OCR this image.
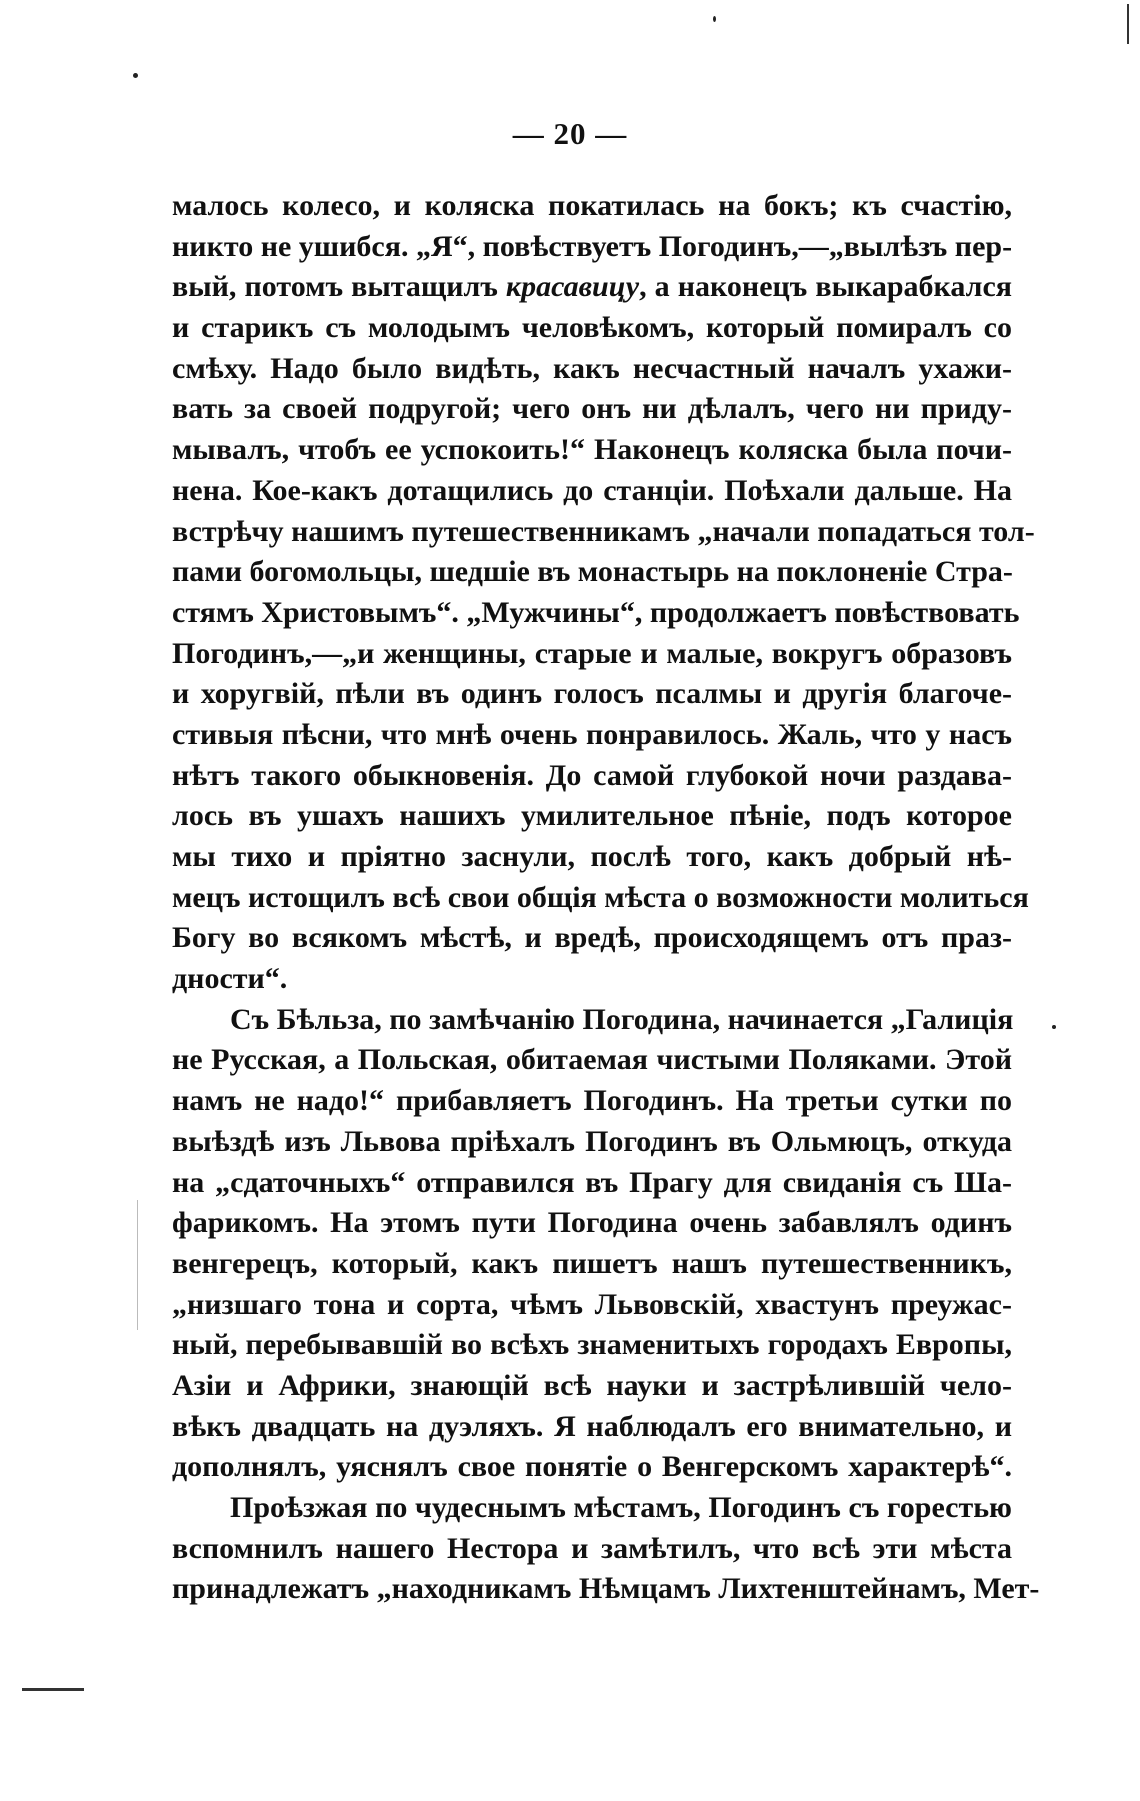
— 20 —
малось колесо, и коляска покатилась на бокъ; къ счастію,
никто не ушибся. „Я“, повѣствуетъ Погодинъ,—„вылѣзъ пер-
вый, потомъ вытащилъ красавицу, а наконецъ выкарабкался
и старикъ съ молодымъ человѣкомъ, который помиралъ со
смѣху. Надо было видѣть, какъ несчастный началъ ухажи-
вать за своей подругой; чего онъ ни дѣлалъ, чего ни приду-
мывалъ, чтобъ ее успокоить!“ Наконецъ коляска была почи-
нена. Кое-какъ дотащились до станціи. Поѣхали дальше. На
встрѣчу нашимъ путешественникамъ „начали попадаться тол-
пами богомольцы, шедшіе въ монастырь на поклоненіе Стра-
стямъ Христовымъ“. „Мужчины“, продолжаетъ повѣствовать
Погодинъ,—„и женщины, старые и малые, вокругъ образовъ
и хоругвій, пѣли въ одинъ голосъ псалмы и другія благоче-
стивыя пѣсни, что мнѣ очень понравилось. Жаль, что у насъ
нѣтъ такого обыкновенія. До самой глубокой ночи раздава-
лось въ ушахъ нашихъ умилительное пѣніе, подъ которое
мы тихо и пріятно заснули, послѣ того, какъ добрый нѣ-
мецъ истощилъ всѣ свои общія мѣста о возможности молиться
Богу во всякомъ мѣстѣ, и вредѣ, происходящемъ отъ праз-
дности“.
Съ Бѣльза, по замѣчанію Погодина, начинается „Галиція
не Русская, а Польская, обитаемая чистыми Поляками. Этой
намъ не надо!“ прибавляетъ Погодинъ. На третьи сутки по
выѣздѣ изъ Львова пріѣхалъ Погодинъ въ Ольмюцъ, откуда
на „сдаточныхъ“ отправился въ Прагу для свиданія съ Ша-
фарикомъ. На этомъ пути Погодина очень забавлялъ одинъ
венгерецъ, который, какъ пишетъ нашъ путешественникъ,
„низшаго тона и сорта, чѣмъ Львовскій, хвастунъ преужас-
ный, перебывавшій во всѣхъ знаменитыхъ городахъ Европы,
Азіи и Африки, знающій всѣ науки и застрѣлившій чело-
вѣкъ двадцать на дуэляхъ. Я наблюдалъ его внимательно, и
дополнялъ, уяснялъ свое понятіе о Венгерскомъ характерѣ“.
Проѣзжая по чудеснымъ мѣстамъ, Погодинъ съ горестью
вспомнилъ нашего Нестора и замѣтилъ, что всѣ эти мѣста
принадлежатъ „находникамъ Нѣмцамъ Лихтенштейнамъ, Мет-
